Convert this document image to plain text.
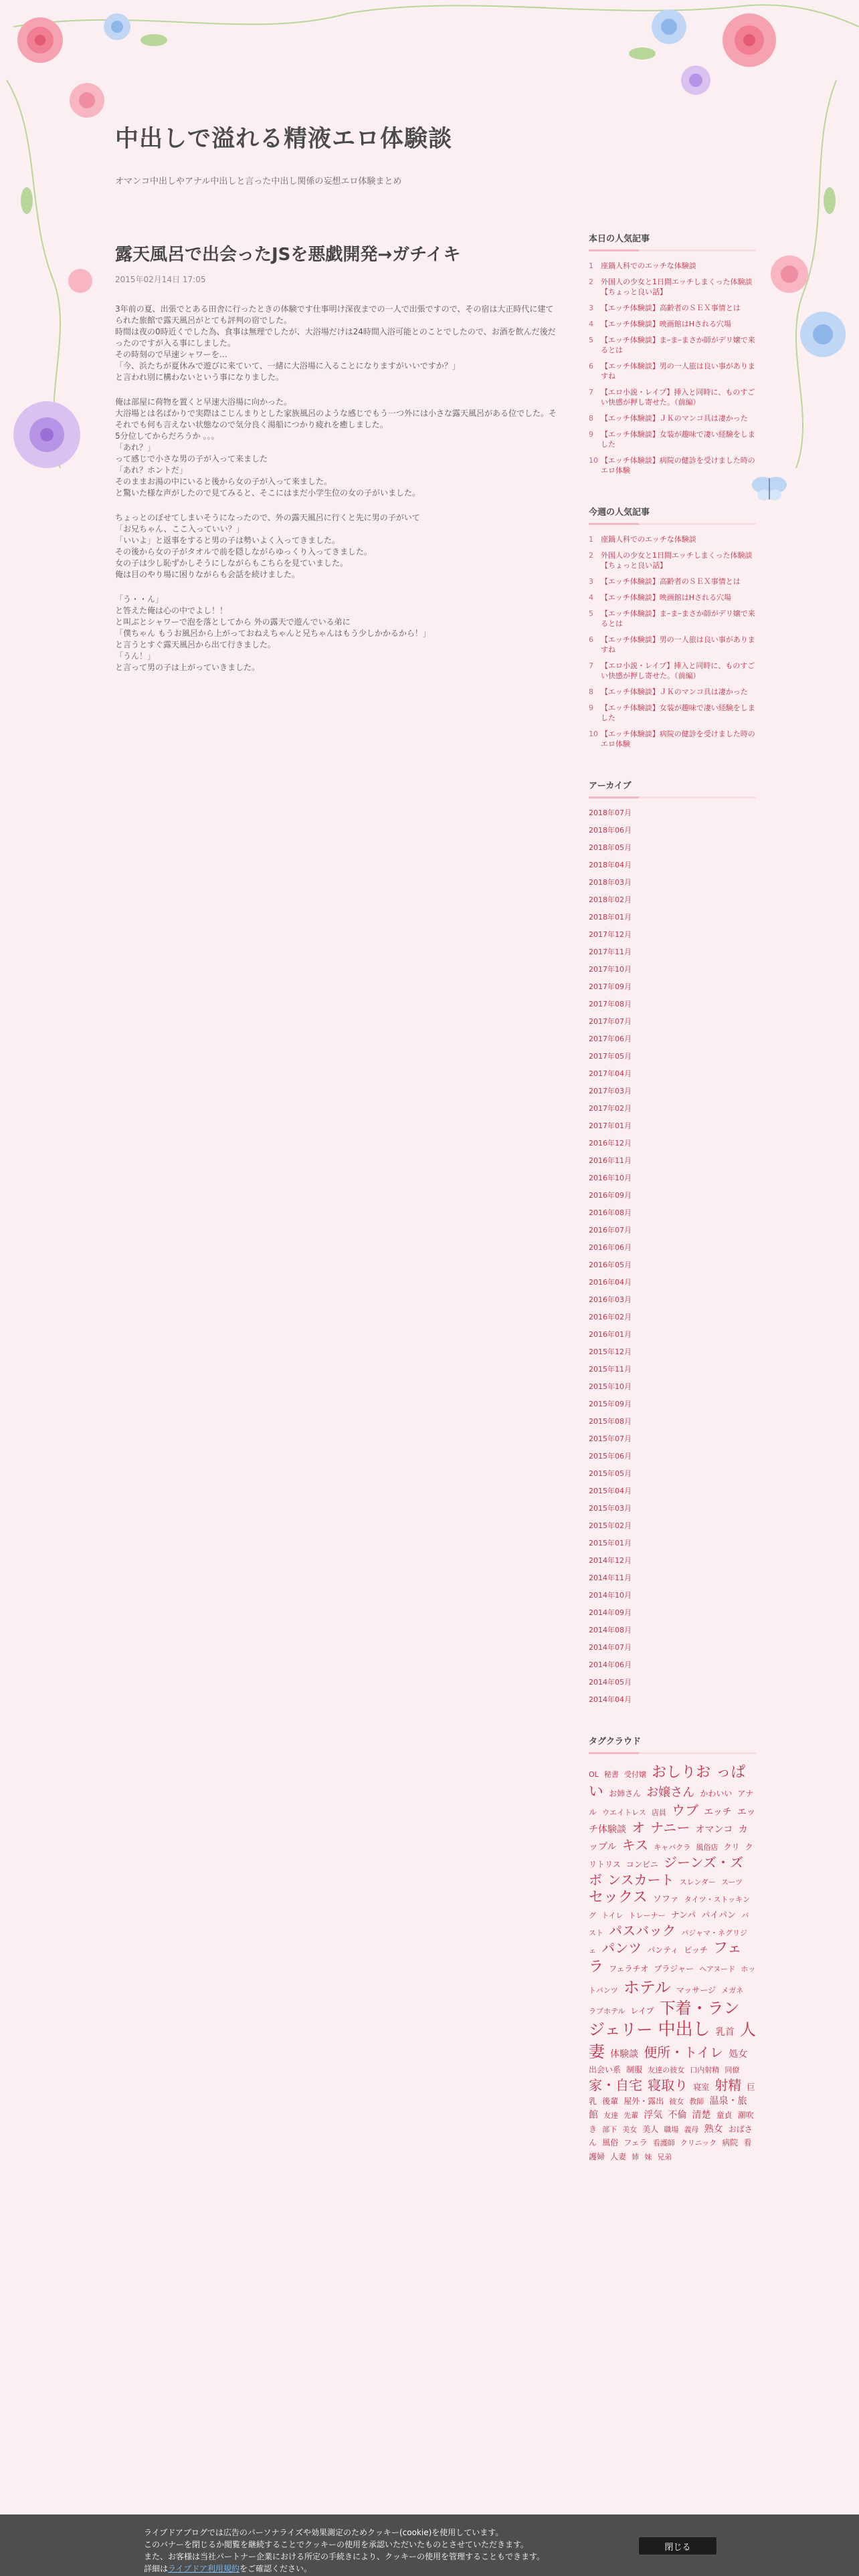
中出しで溢れる精液エロ体験談
オマンコ中出しやアナル中出しと言った中出し関係の妄想エロ体験まとめ
露天風呂で出会ったJSを悪戯開発→ガチイキ
2015年02月14日 17:05
3年前の夏、出張でとある田舎に行ったときの体験です仕事明け深夜までの一人で出張ですので、その宿は大正時代に建てられた旅館で露天風呂がとても評判の宿でした。
時間は夜の0時近くでした為、食事は無理でしたが、大浴場だけは24時間入浴可能とのことでしたので、お酒を飲んだ後だったのですが入る事にしました。
その時刻ので早速シャワーを…
「今、浜たちが夏休みで遊びに来ていて、一緒に大浴場に入ることになりますがいいですか？」
と言われ別に構わないという事になりました。
俺は部屋に荷物を置くと早速大浴場に向かった。
大浴場とは名ばかりで実際はこじんまりとした家族風呂のような感じでもう一つ外には小さな露天風呂がある位でした。そそれでも何も言えない状態なので気分良く湯船につかり疲れを癒しました。
5分位してからだろうか 。。。
「あれ？」
って感じで小さな男の子が入って来ました
「あれ？ホントだ」
そのままお湯の中にいると後から女の子が入って来ました。
と驚いた様な声がしたので見てみると、そこにはまだ小学生位の女の子がいました。
ちょっとのぼせてしまいそうになったので、外の露天風呂に行くと先に男の子がいて
「お兄ちゃん、ここ入っていい？」
「いいよ」と返事をすると男の子は勢いよく入ってきました。
その後から女の子がタオルで前を隠しながらゆっくり入ってきました。
女の子は少し恥ずかしそうにしながらもこちらを見ていました。
俺は目のやり場に困りながらも会話を続けました。
「う・・ん」
と答えた俺は心の中でよし！！
と叫ぶとシャワーで泡を落としてから 外の露天で遊んでいる弟に
「僕ちゃん もうお風呂から上がっておねえちゃんと兄ちゃんはもう少しかかるから！」
と言うとすぐ露天風呂から出て行きました。
「うん！」
と言って男の子は上がっていきました。
本日の人気記事
1	座鍋人科でのエッチな体験談
2	外国人の少女と1日間エッチしまくった体験談【ちょっと良い話】
3	【エッチ体験談】高齢者のＳＥＸ事情とは
4	【エッチ体験談】映画館はHされる穴場
5	【エッチ体験談】まｰまｰまさか師がデリ嬢で来るとは
6	【エッチ体験談】男の一人旅は良い事がありますね
7	【エロ小説・レイプ】挿入と同時に、ものすごい快感が押し寄せた。（前編）
8	【エッチ体験談】ＪＫのマンコ具は凄かった
9	【エッチ体験談】女装が趣味で凄い経験をしました
10 【エッチ体験談】病院の健診を受けました時のエロ体験
今週の人気記事
1	座鍋人科でのエッチな体験談
2	外国人の少女と1日間エッチしまくった体験談【ちょっと良い話】
3	【エッチ体験談】高齢者のＳＥＸ事情とは
4	【エッチ体験談】映画館はHされる穴場
5	【エッチ体験談】まｰまｰまさか師がデリ嬢で来るとは
6	【エッチ体験談】男の一人旅は良い事がありますね
7	【エロ小説・レイプ】挿入と同時に、ものすごい快感が押し寄せた。（前編）
8	【エッチ体験談】ＪＫのマンコ具は凄かった
9	【エッチ体験談】女装が趣味で凄い経験をしました
10 【エッチ体験談】病院の健診を受けました時のエロ体験
アーカイブ
2018年07月
2018年06月
2018年05月
2018年04月
2018年03月
2018年02月
2018年01月
2017年12月
2017年11月
2017年10月
2017年09月
2017年08月
2017年07月
2017年06月
2017年05月
2017年04月
2017年03月
2017年02月
2017年01月
2016年12月
2016年11月
2016年10月
2016年09月
2016年08月
2016年07月
2016年06月
2016年05月
2016年04月
2016年03月
2016年02月
2016年01月
2015年12月
2015年11月
2015年10月
2015年09月
2015年08月
2015年07月
2015年06月
2015年05月
2015年04月
2015年03月
2015年02月
2015年01月
2014年12月
2014年11月
2014年10月
2014年09月
2014年08月
2014年07月
2014年06月
2014年05月
2014年04月
タグクラウド
OL 秘書 受付嬢 おしりお っぱい お姉さん お嬢さん かわいい アナル ウエイトレス 店員 ウブ エッチ エッチ体験談 オ ナニー オマンコ カップル キス キャバクラ 風俗店 クリ クリトリス コンビニ ジーンズ・ズボ ンスカート スレンダー スーツ セックス ソファ タイツ・ストッキング トイレ トレーナー ナンパ パイパン バスト パスバック パジャマ・ネグリジェ パンツ パンティ ビッチ フェラ フェラチオ ブラジャー ヘアヌード ホットパンツ ホテル マッサージ メガネ ラブホテル レイプ 下着・ラン ジェリー 中出し 乳首 人妻 体験談 便所・トイレ 処女 出会い系 制服 友達の彼女 口内射精 同僚 家・自宅 寝取り 寝室 射精 巨乳 後輩 屋外・露出 彼女 教師 温泉・旅館 友達 先輩 浮気 不倫 清楚 童貞 潮吹き 部下 美女 美人 職場 義母 熟女 おばさん 風俗 フェラ 看護師 クリニック 病院 看護婦 人妻 姉 妹 兄弟
ライブドアブログでは広告のパーソナライズや効果測定のためクッキー(cookie)を使用しています。
このバナーを閉じるか閲覧を継続することでクッキーの使用を承認いただいたものとさせていただきます。
また、お客様は当社パートナー企業における所定の手続きにより、クッキーの使用を管理することもできます。
詳細はライブドア利用規約をご確認ください。
閉じる
